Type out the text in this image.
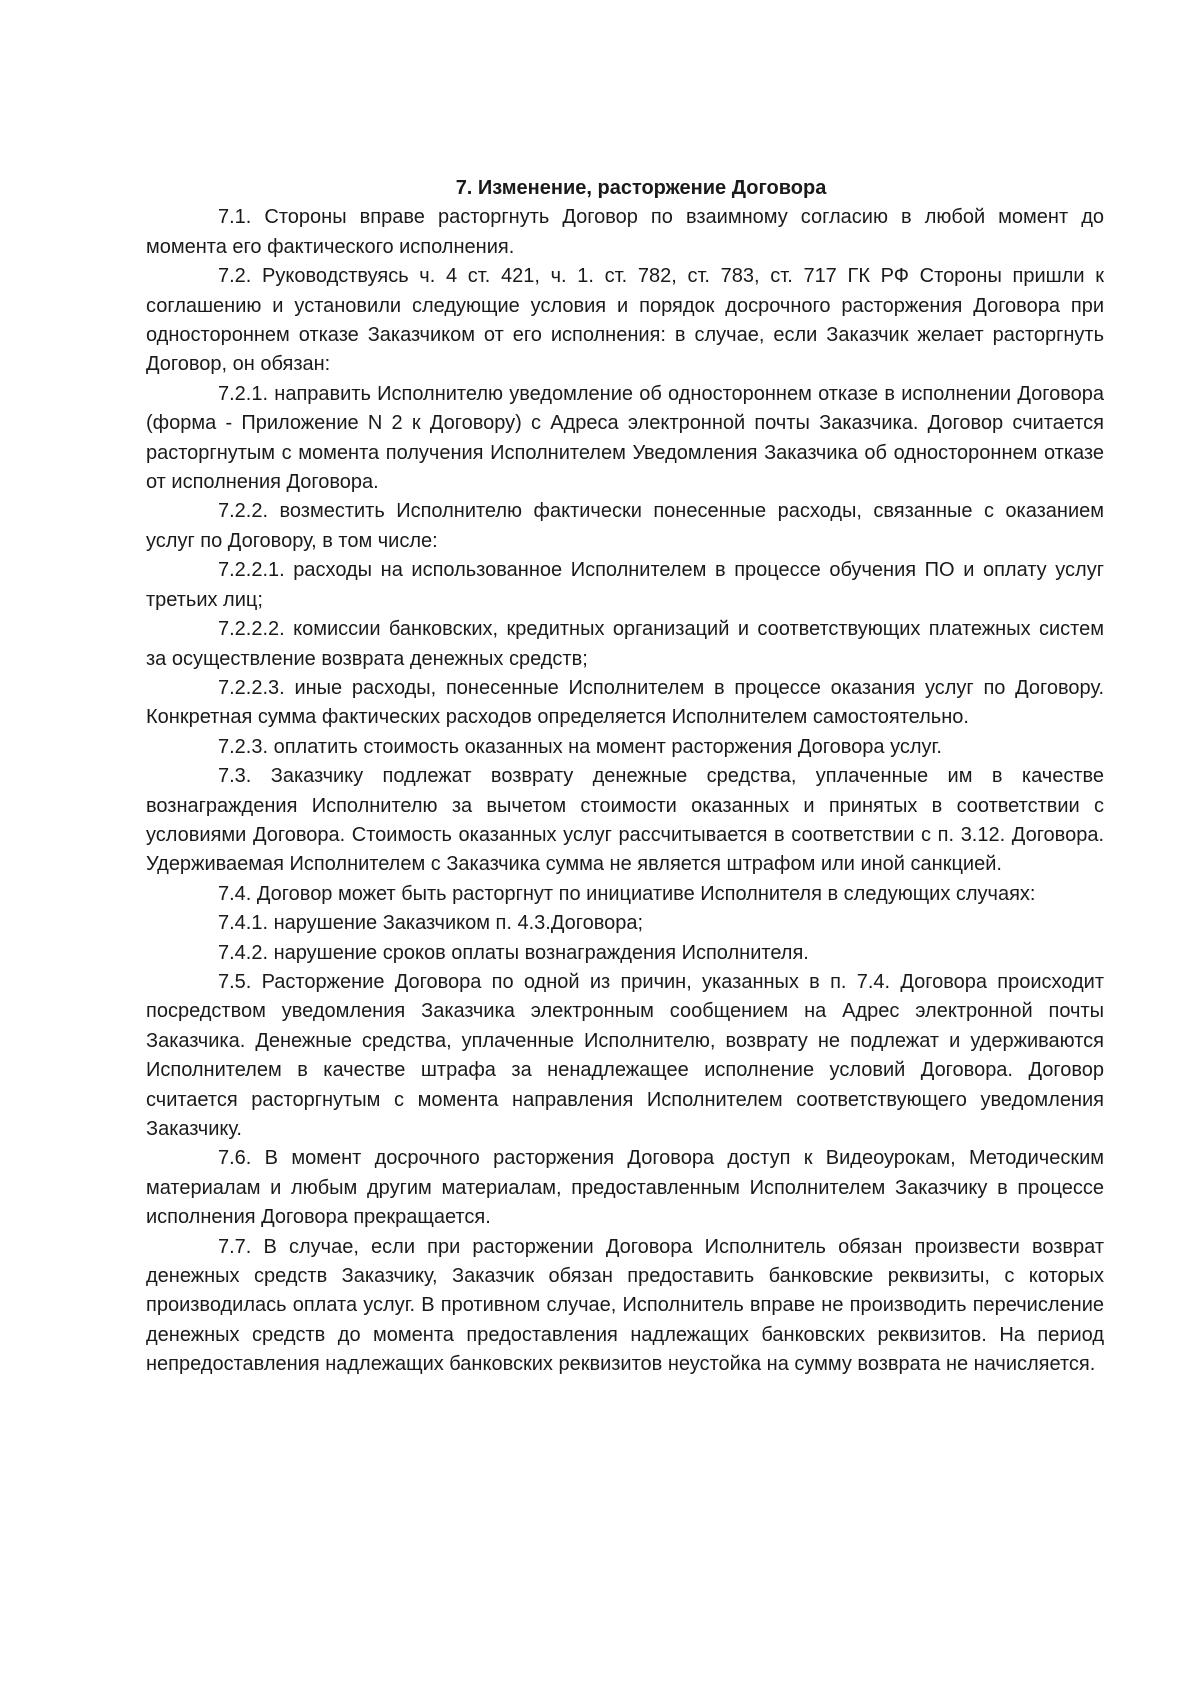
7. Изменение, расторжение Договора

7.1. Стороны вправе расторгнуть Договор по взаимному согласию в любой момент до момента его фактического исполнения.

7.2. Руководствуясь ч. 4 ст. 421, ч. 1. ст. 782, ст. 783, ст. 717 ГК РФ Стороны пришли к соглашению и установили следующие условия и порядок досрочного расторжения Договора при одностороннем отказе Заказчиком от его исполнения: в случае, если Заказчик желает расторгнуть Договор, он обязан:

7.2.1. направить Исполнителю уведомление об одностороннем отказе в исполнении Договора (форма - Приложение N 2 к Договору) с Адреса электронной почты Заказчика. Договор считается расторгнутым с момента получения Исполнителем Уведомления Заказчика об одностороннем отказе от исполнения Договора.

7.2.2. возместить Исполнителю фактически понесенные расходы, связанные с оказанием услуг по Договору, в том числе:

7.2.2.1. расходы на использованное Исполнителем в процессе обучения ПО и оплату услуг третьих лиц;

7.2.2.2. комиссии банковских, кредитных организаций и соответствующих платежных систем за осуществление возврата денежных средств;

7.2.2.3. иные расходы, понесенные Исполнителем в процессе оказания услуг по Договору. Конкретная сумма фактических расходов определяется Исполнителем самостоятельно.

7.2.3. оплатить стоимость оказанных на момент расторжения Договора услуг.

7.3. Заказчику подлежат возврату денежные средства, уплаченные им в качестве вознаграждения Исполнителю за вычетом стоимости оказанных и принятых в соответствии с условиями Договора. Стоимость оказанных услуг рассчитывается в соответствии с п. 3.12. Договора. Удерживаемая Исполнителем с Заказчика сумма не является штрафом или иной санкцией.

7.4. Договор может быть расторгнут по инициативе Исполнителя в следующих случаях:

7.4.1. нарушение Заказчиком п. 4.3.Договора;

7.4.2. нарушение сроков оплаты вознаграждения Исполнителя.

7.5. Расторжение Договора по одной из причин, указанных в п. 7.4. Договора происходит посредством уведомления Заказчика электронным сообщением на Адрес электронной почты Заказчика. Денежные средства, уплаченные Исполнителю, возврату не подлежат и удерживаются Исполнителем в качестве штрафа за ненадлежащее исполнение условий Договора. Договор считается расторгнутым с момента направления Исполнителем соответствующего уведомления Заказчику.

7.6. В момент досрочного расторжения Договора доступ к Видеоурокам, Методическим материалам и любым другим материалам, предоставленным Исполнителем Заказчику в процессе исполнения Договора прекращается.

7.7. В случае, если при расторжении Договора Исполнитель обязан произвести возврат денежных средств Заказчику, Заказчик обязан предоставить банковские реквизиты, с которых производилась оплата услуг. В противном случае, Исполнитель вправе не производить перечисление денежных средств до момента предоставления надлежащих банковских реквизитов. На период непредоставления надлежащих банковских реквизитов неустойка на сумму возврата не начисляется.
